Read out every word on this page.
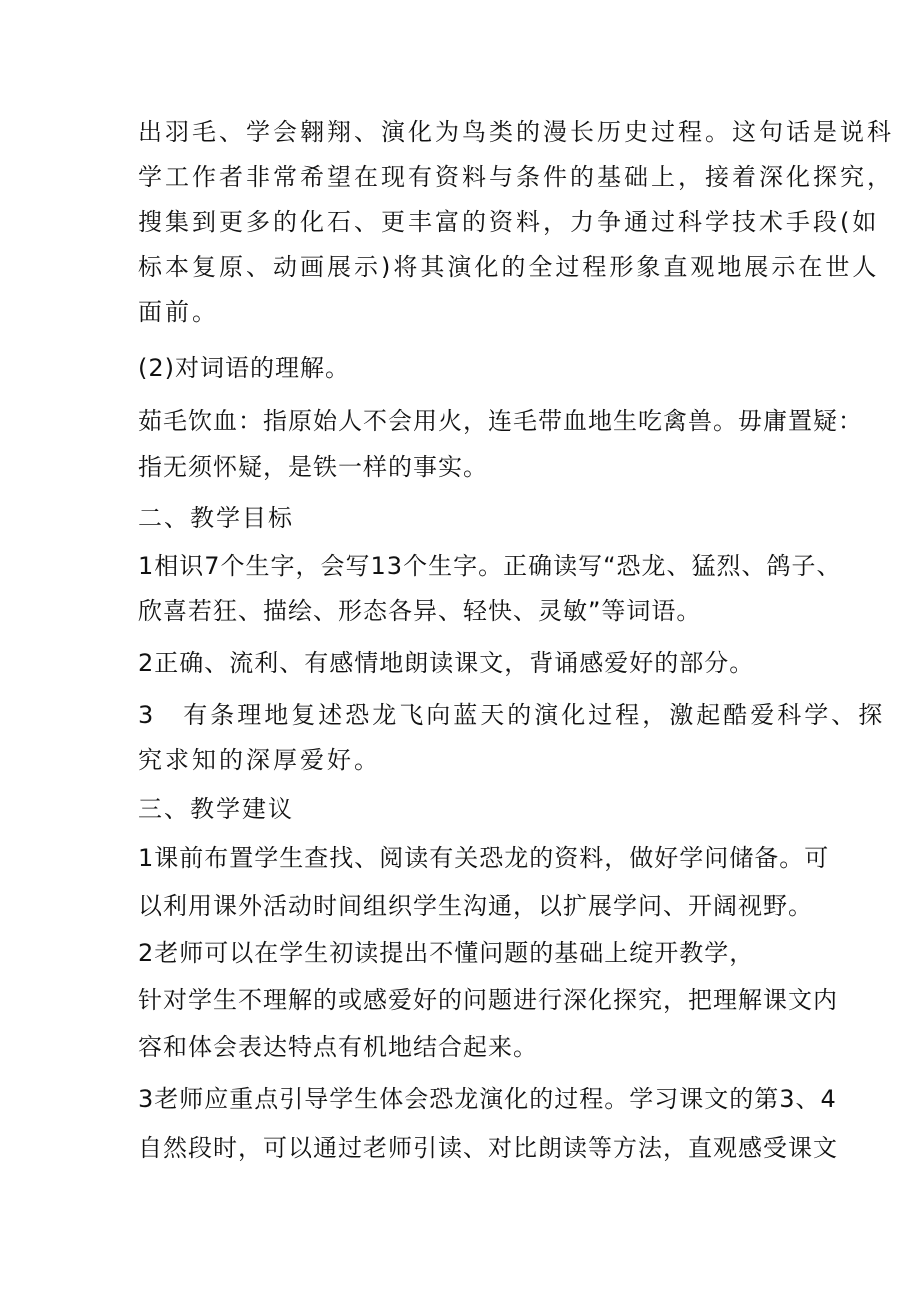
出羽毛、学会翱翔、演化为鸟类的漫长历史过程。这句话是说科

学工作者非常希望在现有资料与条件的基础上，接着深化探究，

搜集到更多的化石、更丰富的资料，力争通过科学技术手段(如

标本复原、动画展示)将其演化的全过程形象直观地展示在世人

面前。

(2)对词语的理解。

茹毛饮血：指原始人不会用火，连毛带血地生吃禽兽。毋庸置疑：

指无须怀疑，是铁一样的事实。

二、教学目标

1相识7个生字，会写13个生字。正确读写“恐龙、猛烈、鸽子、

欣喜若狂、描绘、形态各异、轻快、灵敏”等词语。

2正确、流利、有感情地朗读课文，背诵感爱好的部分。

3　有条理地复述恐龙飞向蓝天的演化过程，激起酷爱科学、探

究求知的深厚爱好。

三、教学建议

1课前布置学生查找、阅读有关恐龙的资料，做好学问储备。可

以利用课外活动时间组织学生沟通，以扩展学问、开阔视野。

2老师可以在学生初读提出不懂问题的基础上绽开教学，

针对学生不理解的或感爱好的问题进行深化探究，把理解课文内

容和体会表达特点有机地结合起来。

3老师应重点引导学生体会恐龙演化的过程。学习课文的第3、4

自然段时，可以通过老师引读、对比朗读等方法，直观感受课文
